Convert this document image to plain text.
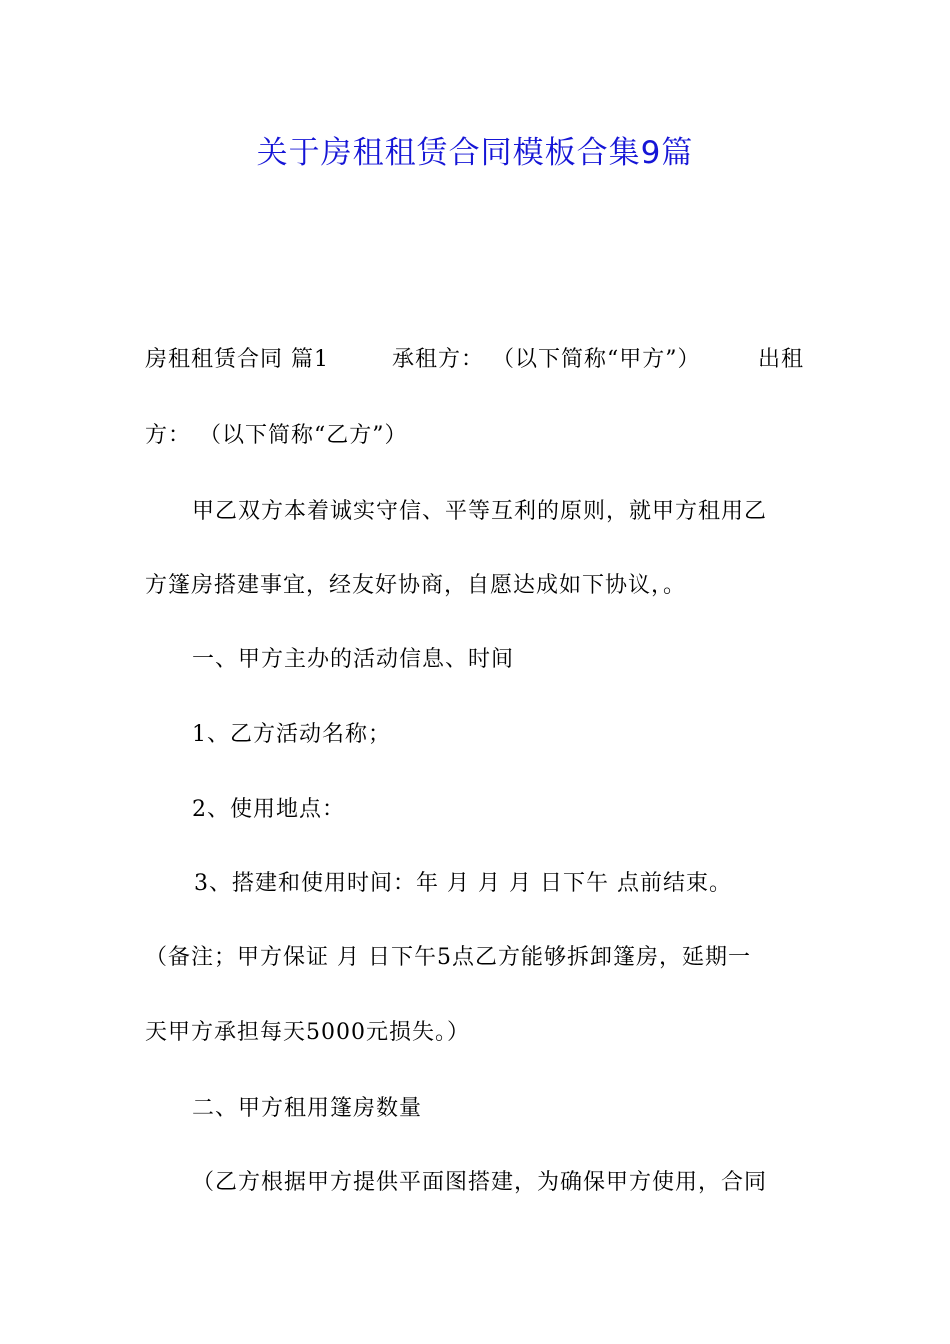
关于房租租赁合同模板合集9篇
房租租赁合同 篇1	承租方： （以下简称“甲方”）	出租
方： （以下简称“乙方”）
甲乙双方本着诚实守信、平等互利的原则，就甲方租用乙
方篷房搭建事宜，经友好协商，自愿达成如下协议，。
一、甲方主办的活动信息、时间
1、乙方活动名称；
2、使用地点：
3、搭建和使用时间：年 月 月 月 日下午 点前结束。
（备注；甲方保证 月 日下午5点乙方能够拆卸篷房，延期一
天甲方承担每天5000元损失。）
二、甲方租用篷房数量
（乙方根据甲方提供平面图搭建，为确保甲方使用，合同
